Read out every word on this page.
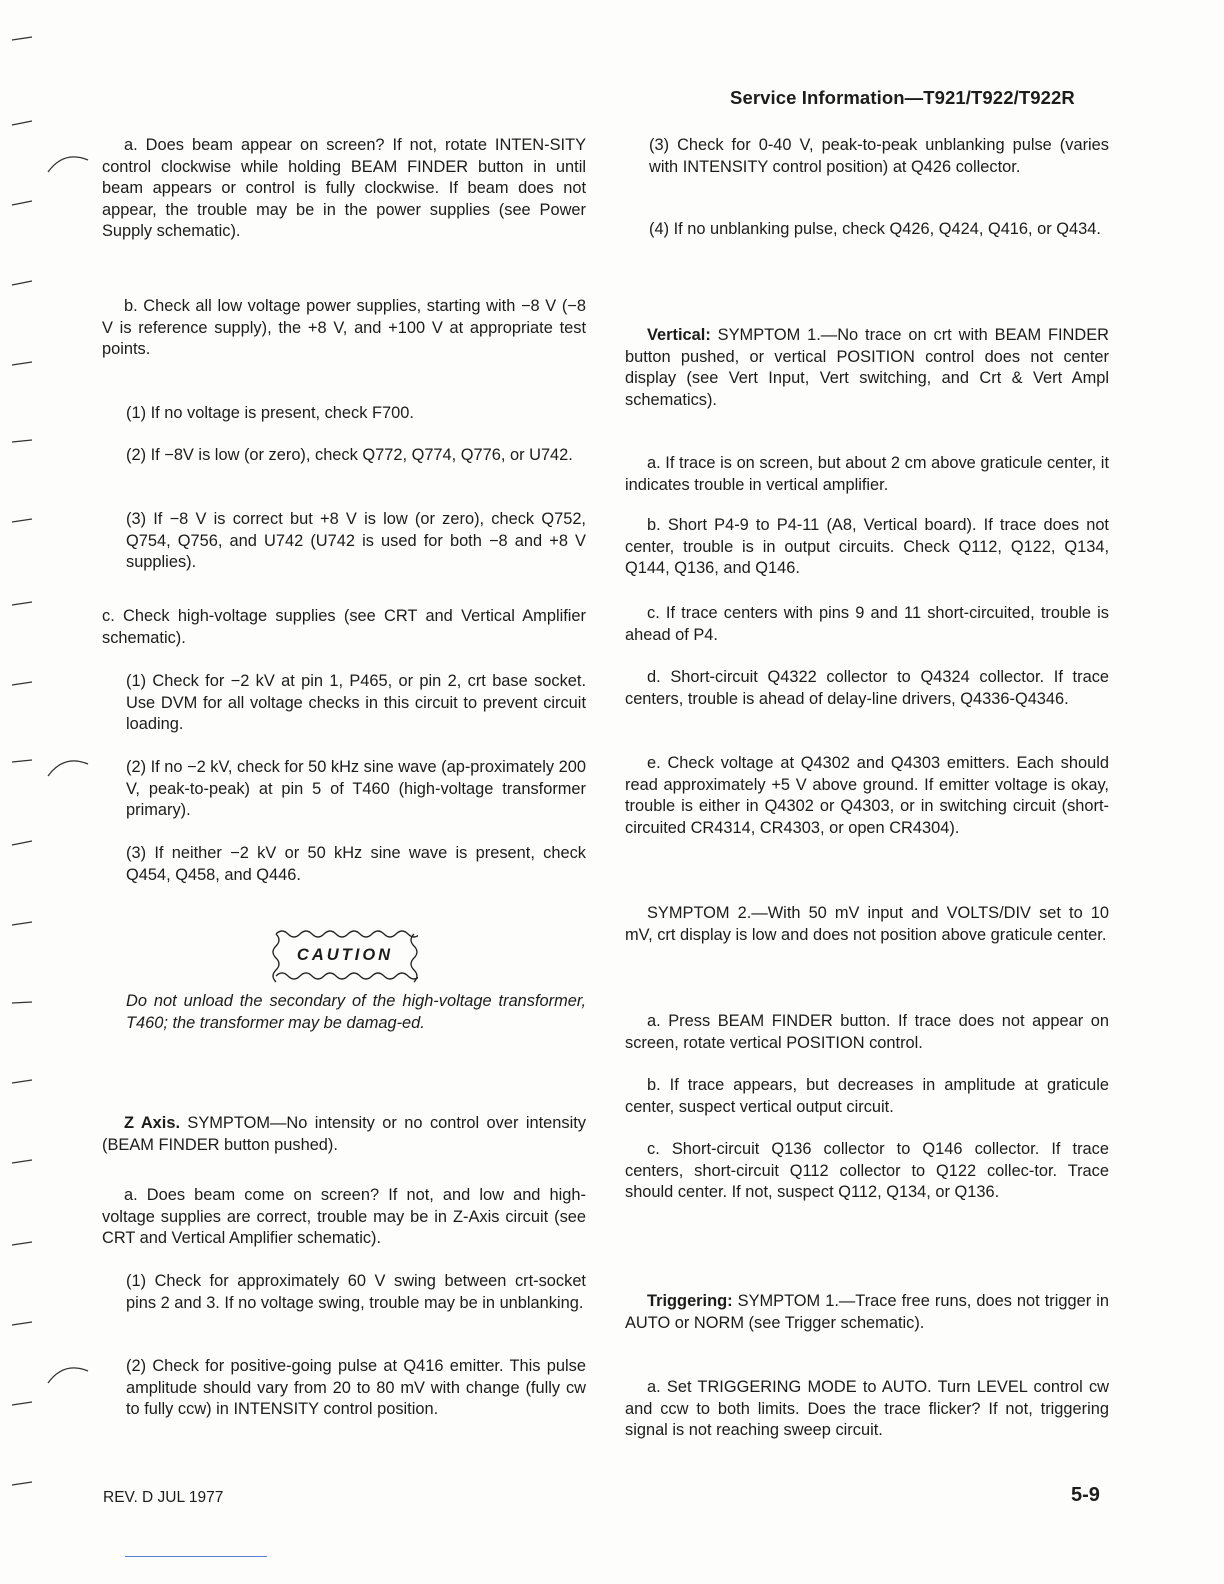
Service Information—T921/T922/T922R

a. Does beam appear on screen? If not, rotate INTEN-SITY control clockwise while holding BEAM FINDER button in until beam appears or control is fully clockwise. If beam does not appear, the trouble may be in the power supplies (see Power Supply schematic).

b. Check all low voltage power supplies, starting with −8 V (−8 V is reference supply), the +8 V, and +100 V at appropriate test points.

(1) If no voltage is present, check F700.

(2) If −8V is low (or zero), check Q772, Q774, Q776, or U742.

(3) If −8 V is correct but +8 V is low (or zero), check Q752, Q754, Q756, and U742 (U742 is used for both −8 and +8 V supplies).

c. Check high-voltage supplies (see CRT and Vertical Amplifier schematic).

(1) Check for −2 kV at pin 1, P465, or pin 2, crt base socket. Use DVM for all voltage checks in this circuit to prevent circuit loading.

(2) If no −2 kV, check for 50 kHz sine wave (ap-proximately 200 V, peak-to-peak) at pin 5 of T460 (high-voltage transformer primary).

(3) If neither −2 kV or 50 kHz sine wave is present, check Q454, Q458, and Q446.

CAUTION

Do not unload the secondary of the high-voltage transformer, T460; the transformer may be damag-ed.

Z Axis. SYMPTOM—No intensity or no control over intensity (BEAM FINDER button pushed).

a. Does beam come on screen? If not, and low and high-voltage supplies are correct, trouble may be in Z-Axis circuit (see CRT and Vertical Amplifier schematic).

(1) Check for approximately 60 V swing between crt-socket pins 2 and 3. If no voltage swing, trouble may be in unblanking.

(2) Check for positive-going pulse at Q416 emitter. This pulse amplitude should vary from 20 to 80 mV with change (fully cw to fully ccw) in INTENSITY control position.

(3) Check for 0-40 V, peak-to-peak unblanking pulse (varies with INTENSITY control position) at Q426 collector.

(4) If no unblanking pulse, check Q426, Q424, Q416, or Q434.

Vertical: SYMPTOM 1.—No trace on crt with BEAM FINDER button pushed, or vertical POSITION control does not center display (see Vert Input, Vert switching, and Crt & Vert Ampl schematics).

a. If trace is on screen, but about 2 cm above graticule center, it indicates trouble in vertical amplifier.

b. Short P4-9 to P4-11 (A8, Vertical board). If trace does not center, trouble is in output circuits. Check Q112, Q122, Q134, Q144, Q136, and Q146.

c. If trace centers with pins 9 and 11 short-circuited, trouble is ahead of P4.

d. Short-circuit Q4322 collector to Q4324 collector. If trace centers, trouble is ahead of delay-line drivers, Q4336-Q4346.

e. Check voltage at Q4302 and Q4303 emitters. Each should read approximately +5 V above ground. If emitter voltage is okay, trouble is either in Q4302 or Q4303, or in switching circuit (short-circuited CR4314, CR4303, or open CR4304).

SYMPTOM 2.—With 50 mV input and VOLTS/DIV set to 10 mV, crt display is low and does not position above graticule center.

a. Press BEAM FINDER button. If trace does not appear on screen, rotate vertical POSITION control.

b. If trace appears, but decreases in amplitude at graticule center, suspect vertical output circuit.

c. Short-circuit Q136 collector to Q146 collector. If trace centers, short-circuit Q112 collector to Q122 collec-tor. Trace should center. If not, suspect Q112, Q134, or Q136.

Triggering: SYMPTOM 1.—Trace free runs, does not trigger in AUTO or NORM (see Trigger schematic).

a. Set TRIGGERING MODE to AUTO. Turn LEVEL control cw and ccw to both limits. Does the trace flicker? If not, triggering signal is not reaching sweep circuit.

REV. D JUL 1977	5-9
